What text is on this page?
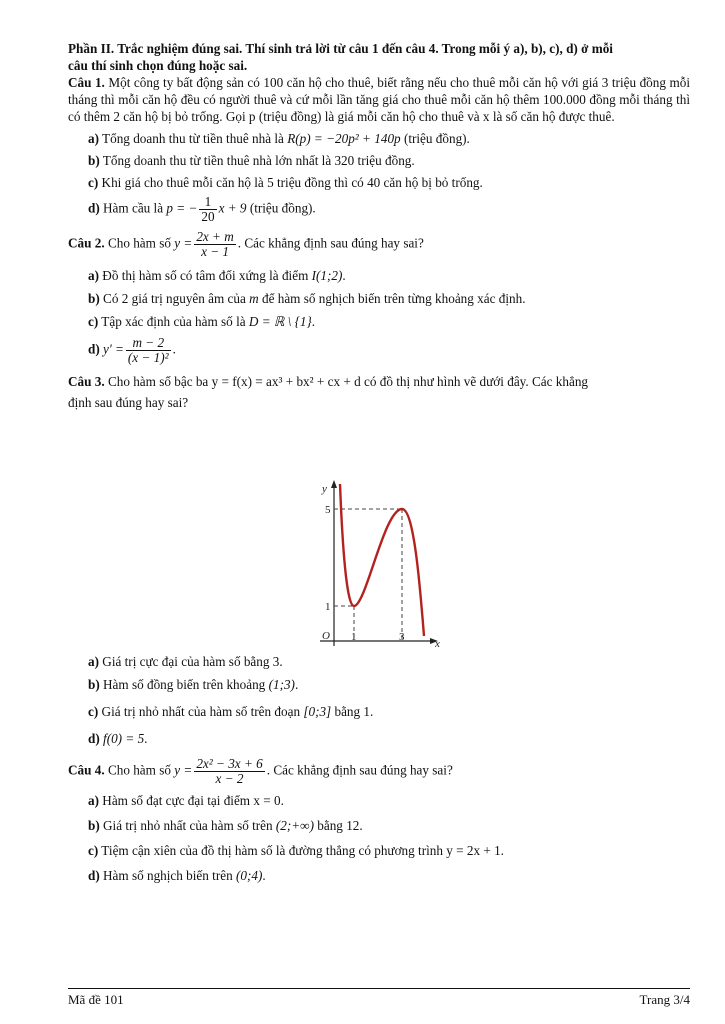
Phần II. Trắc nghiệm đúng sai. Thí sinh trả lời từ câu 1 đến câu 4. Trong mỗi ý a), b), c), d) ở mỗi
câu thí sinh chọn đúng hoặc sai.
Câu 1. Một công ty bất động sản có 100 căn hộ cho thuê, biết rằng nếu cho thuê mỗi căn hộ với giá 3 triệu đồng mỗi tháng thì mỗi căn hộ đều có người thuê và cứ mỗi lần tăng giá cho thuê mỗi căn hộ thêm 100.000 đồng mỗi tháng thì có thêm 2 căn hộ bị bỏ trống. Gọi p (triệu đồng) là giá mỗi căn hộ cho thuê và x là số căn hộ được thuê.
a) Tổng doanh thu từ tiền thuê nhà là R(p) = −20p² + 140p (triệu đồng).
b) Tổng doanh thu từ tiền thuê nhà lớn nhất là 320 triệu đồng.
c) Khi giá cho thuê mỗi căn hộ là 5 triệu đồng thì có 40 căn hộ bị bỏ trống.
d) Hàm cầu là p = − $\frac{1}{20}$ x + 9 (triệu đồng).
Câu 2. Cho hàm số $y = \frac{2x + m}{x - 1}$ . Các khẳng định sau đúng hay sai?
a) Đồ thị hàm số có tâm đối xứng là điểm I(1;2).
b) Có 2 giá trị nguyên âm của m để hàm số nghịch biến trên từng khoảng xác định.
c) Tập xác định của hàm số là D = ℝ \ {1}.
d) $y' = \frac{m - 2}{\text{(x − 1)²}}$ .
Câu 3. Cho hàm số bậc ba y = f(x) = ax³ + bx² + cx + d có đồ thị như hình vẽ dưới đây. Các khẳng
định sau đúng hay sai?
y
x
O 1	3
1
5
a) Giá trị cực đại của hàm số bằng 3.
b) Hàm số đồng biến trên khoảng (1;3).
c) Giá trị nhỏ nhất của hàm số trên đoạn [0;3] bằng 1.
d) f(0) = 5.
Câu 4. Cho hàm số $y = \frac{\text{2x² − 3x + 6}}{x - 2}$ . Các khẳng định sau đúng hay sai?
a) Hàm số đạt cực đại tại điểm x = 0.
b) Giá trị nhỏ nhất của hàm số trên (2;+∞) bằng 12.
c) Tiệm cận xiên của đồ thị hàm số là đường thẳng có phương trình y = 2x + 1.
d) Hàm số nghịch biến trên (0;4).
Mã đề 101	Trang 3/4
